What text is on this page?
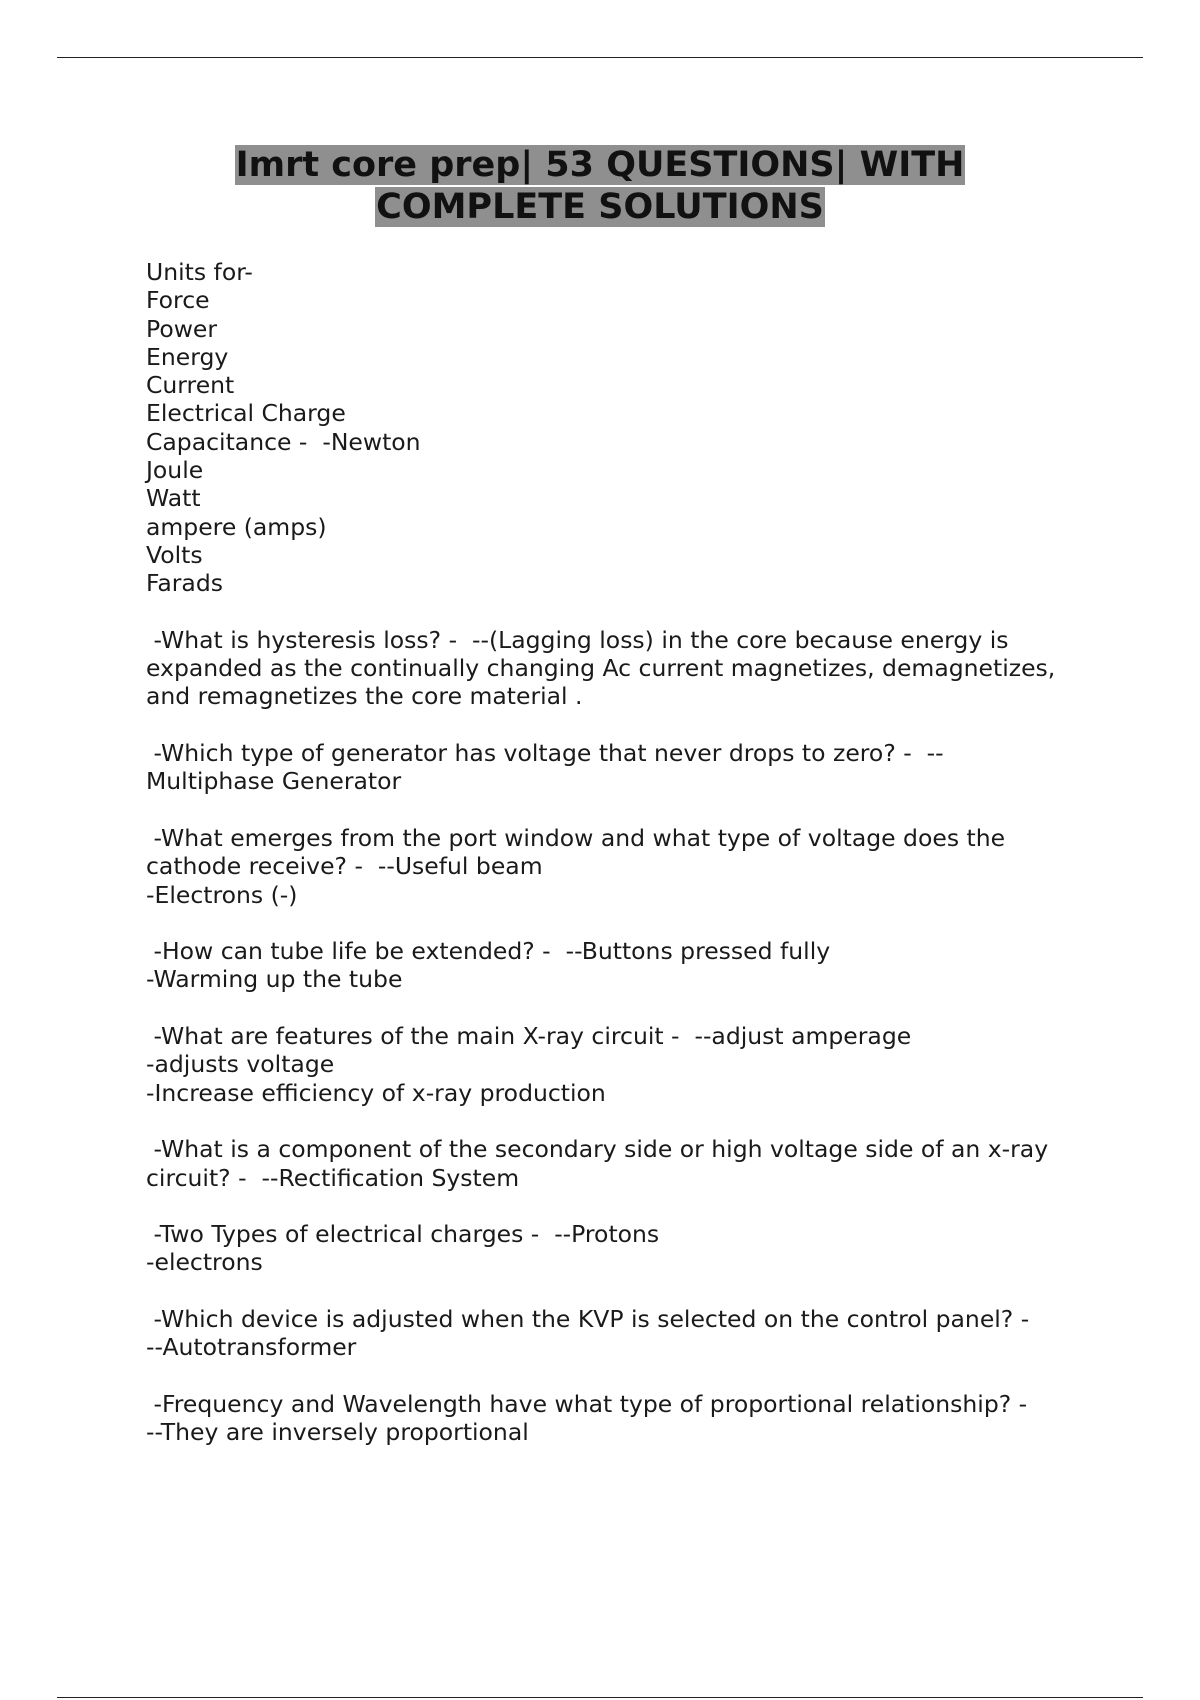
Imrt core prep| 53 QUESTIONS| WITH
COMPLETE SOLUTIONS
Units for-
Force
Power
Energy
Current
Electrical Charge
Capacitance -  -Newton
Joule
Watt
ampere (amps)
Volts
Farads
-What is hysteresis loss? -  --(Lagging loss) in the core because energy is
expanded as the continually changing Ac current magnetizes, demagnetizes,
and remagnetizes the core material .
-Which type of generator has voltage that never drops to zero? -  --
Multiphase Generator
-What emerges from the port window and what type of voltage does the
cathode receive? -  --Useful beam
-Electrons (-)
-How can tube life be extended? -  --Buttons pressed fully
-Warming up the tube
-What are features of the main X-ray circuit -  --adjust amperage
-adjusts voltage
-Increase efficiency of x-ray production
-What is a component of the secondary side or high voltage side of an x-ray
circuit? -  --Rectification System
-Two Types of electrical charges -  --Protons
-electrons
-Which device is adjusted when the KVP is selected on the control panel? -
--Autotransformer
-Frequency and Wavelength have what type of proportional relationship? -
--They are inversely proportional
